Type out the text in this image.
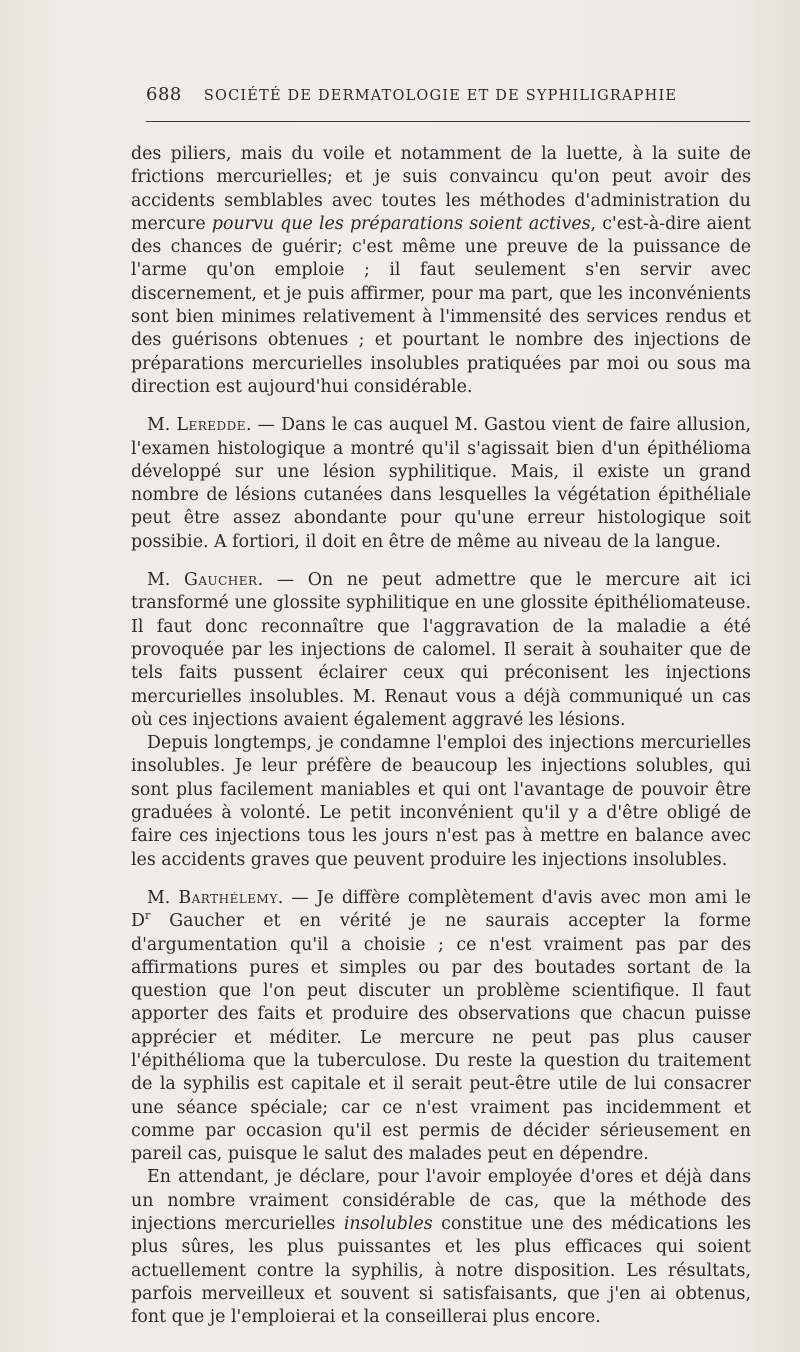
688 SOCIÉTÉ DE DERMATOLOGIE ET DE SYPHILIGRAPHIE

des piliers, mais du voile et notamment de la luette, à la suite de frictions mercurielles; et je suis convaincu qu'on peut avoir des accidents semblables avec toutes les méthodes d'administration du mercure pourvu que les préparations soient actives, c'est-à-dire aient des chances de guérir; c'est même une preuve de la puissance de l'arme qu'on emploie ; il faut seulement s'en servir avec discernement, et je puis affirmer, pour ma part, que les inconvénients sont bien minimes relativement à l'immensité des services rendus et des guérisons obtenues ; et pourtant le nombre des injections de préparations mercurielles insolubles pratiquées par moi ou sous ma direction est aujourd'hui considérable.

M. Leredde. — Dans le cas auquel M. Gastou vient de faire allusion, l'examen histologique a montré qu'il s'agissait bien d'un épithélioma développé sur une lésion syphilitique. Mais, il existe un grand nombre de lésions cutanées dans lesquelles la végétation épithéliale peut être assez abondante pour qu'une erreur histologique soit possibie. A fortiori, il doit en être de même au niveau de la langue.

M. Gaucher. — On ne peut admettre que le mercure ait ici transformé une glossite syphilitique en une glossite épithéliomateuse. Il faut donc reconnaître que l'aggravation de la maladie a été provoquée par les injections de calomel. Il serait à souhaiter que de tels faits pussent éclairer ceux qui préconisent les injections mercurielles insolubles. M. Renaut vous a déjà communiqué un cas où ces injections avaient également aggravé les lésions.

Depuis longtemps, je condamne l'emploi des injections mercurielles insolubles. Je leur préfère de beaucoup les injections solubles, qui sont plus facilement maniables et qui ont l'avantage de pouvoir être graduées à volonté. Le petit inconvénient qu'il y a d'être obligé de faire ces injections tous les jours n'est pas à mettre en balance avec les accidents graves que peuvent produire les injections insolubles.

M. Barthélemy. — Je diffère complètement d'avis avec mon ami le $D^r$ Gaucher et en vérité je ne saurais accepter la forme d'argumentation qu'il a choisie ; ce n'est vraiment pas par des affirmations pures et simples ou par des boutades sortant de la question que l'on peut discuter un problème scientifique. Il faut apporter des faits et produire des observations que chacun puisse apprécier et méditer. Le mercure ne peut pas plus causer l'épithélioma que la tuberculose. Du reste la question du traitement de la syphilis est capitale et il serait peut-être utile de lui consacrer une séance spéciale; car ce n'est vraiment pas incidemment et comme par occasion qu'il est permis de décider sérieusement en pareil cas, puisque le salut des malades peut en dépendre.

En attendant, je déclare, pour l'avoir employée d'ores et déjà dans un nombre vraiment considérable de cas, que la méthode des injections mercurielles insolubles constitue une des médications les plus sûres, les plus puissantes et les plus efficaces qui soient actuellement contre la syphilis, à notre disposition. Les résultats, parfois merveilleux et souvent si satisfaisants, que j'en ai obtenus, font que je l'emploierai et la conseillerai plus encore.
